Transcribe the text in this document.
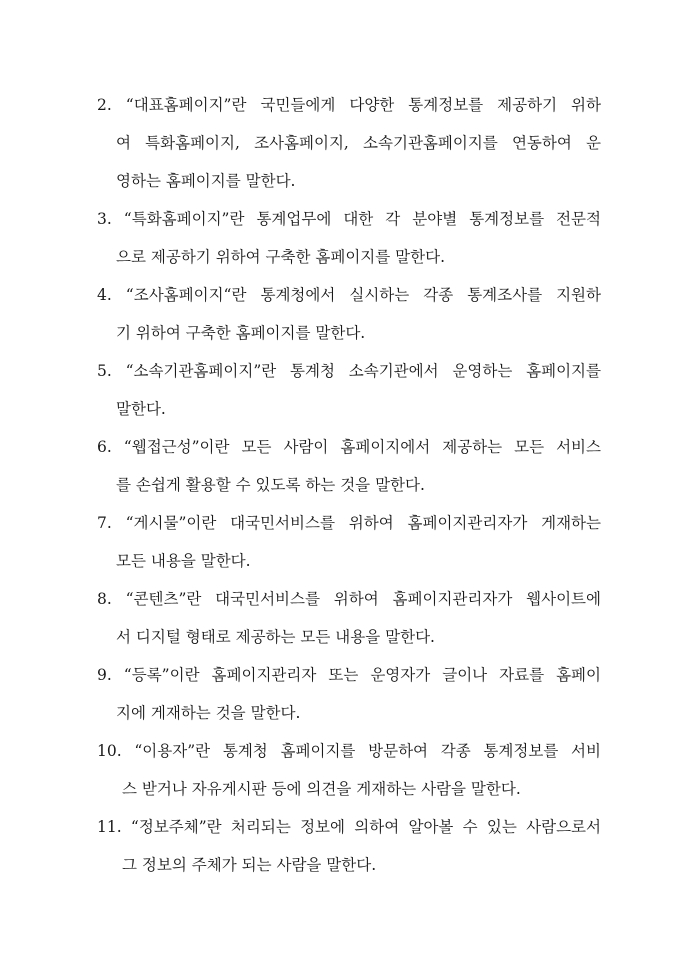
2. “대표홈페이지”란 국민들에게 다양한 통계정보를 제공하기 위하
여 특화홈페이지, 조사홈페이지, 소속기관홈페이지를 연동하여 운
영하는 홈페이지를 말한다.
3. “특화홈페이지”란 통계업무에 대한 각 분야별 통계정보를 전문적
으로 제공하기 위하여 구축한 홈페이지를 말한다.
4. “조사홈페이지“란 통계청에서 실시하는 각종 통계조사를 지원하
기 위하여 구축한 홈페이지를 말한다.
5. “소속기관홈페이지”란 통계청 소속기관에서 운영하는 홈페이지를
말한다.
6. “웹접근성”이란 모든 사람이 홈페이지에서 제공하는 모든 서비스
를 손쉽게 활용할 수 있도록 하는 것을 말한다.
7. “게시물”이란 대국민서비스를 위하여 홈페이지관리자가 게재하는
모든 내용을 말한다.
8. “콘텐츠”란 대국민서비스를 위하여 홈페이지관리자가 웹사이트에
서 디지털 형태로 제공하는 모든 내용을 말한다.
9. “등록”이란 홈페이지관리자 또는 운영자가 글이나 자료를 홈페이
지에 게재하는 것을 말한다.
10. “이용자”란 통계청 홈페이지를 방문하여 각종 통계정보를 서비
스 받거나 자유게시판 등에 의견을 게재하는 사람을 말한다.
11. “정보주체”란 처리되는 정보에 의하여 알아볼 수 있는 사람으로서
그 정보의 주체가 되는 사람을 말한다.
